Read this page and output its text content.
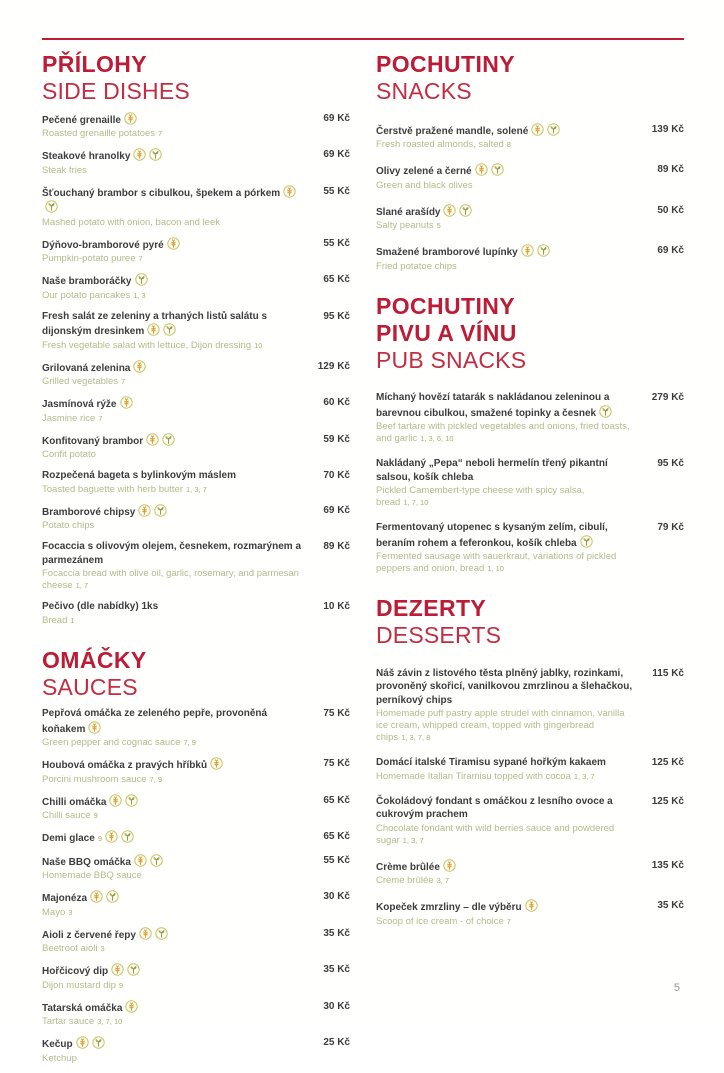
PŘÍLOHY
SIDE DISHES
Pečené grenaille
Roasted grenaille potatoes 7
69 Kč
Steakové hranolky
Steak fries
69 Kč
Šťouchaný brambor s cibulkou, špekem a pórkem
Mashed potato with onion, bacon and leek
55 Kč
Dýňovo-bramborové pyré
Pumpkin-potato puree 7
55 Kč
Naše bramboráčky
Our potato pancakes 1, 3
65 Kč
Fresh salát ze zeleniny a trhaných listů salátu s dijonským dresinkem
Fresh vegetable salad with lettuce, Dijon dressing 10
95 Kč
Grilovaná zelenina
Grilled vegetables 7
129 Kč
Jasmínová rýže
Jasmine rice 7
60 Kč
Konfitovaný brambor
Confit potato
59 Kč
Rozpečená bageta s bylinkovým máslem
Toasted baguette with herb butter 1, 3, 7
70 Kč
Bramborové chipsy
Potato chips
69 Kč
Focaccia s olivovým olejem, česnekem, rozmarýnem a parmezánem
Focaccia bread with olive oil, garlic, rosemary, and parmesan cheese 1, 7
89 Kč
Pečivo (dle nabídky) 1ks
Bread 1
10 Kč
OMÁČKY
SAUCES
Pepřová omáčka ze zeleného pepře, provoněná koňakem
Green pepper and cognac sauce 7, 9
75 Kč
Houbová omáčka z pravých hříbků
Porcini mushroom sauce 7, 9
75 Kč
Chilli omáčka
Chilli sauce 9
65 Kč
Demi glace 9	65 Kč
Naše BBQ omáčka
Homemade BBQ sauce
55 Kč
Majonéza
Mayo 3
30 Kč
Aioli z červené řepy
Beetroot aioli 3
35 Kč
Hořčicový dip
Dijon mustard dip 9
35 Kč
Tatarská omáčka
Tartar sauce 3, 7, 10
30 Kč
Kečup
Ketchup
25 Kč
POCHUTINY
SNACKS
Čerstvě pražené mandle, solené
Fresh roasted almonds, salted 8
139 Kč
Olivy zelené a černé
Green and black olives
89 Kč
Slané arašídy
Salty peanuts 5
50 Kč
Smažené bramborové lupínky
Fried potatoe chips
69 Kč
POCHUTINY
PIVU A VÍNU
PUB SNACKS
Míchaný hovězí tatarák s nakládanou zeleninou a barevnou cibulkou, smažené topinky a česnek
Beef tartare with pickled vegetables and onions, fried toasts, and garlic 1, 3, 6, 10
279 Kč
Nakládaný „Pepa“ neboli hermelín třený pikantní salsou, košík chleba
Pickled Camembert-type cheese with spicy salsa, bread 1, 7, 10
95 Kč
Fermentovaný utopenec s kysaným zelím, cibulí, beraním rohem a feferonkou, košík chleba
Fermented sausage with sauerkraut, variations of pickled peppers and onion, bread 1, 10
79 Kč
DEZERTY
DESSERTS
Náš závin z listového těsta plněný jablky, rozinkami, provoněný skořicí, vanilkovou zmrzlinou a šlehačkou, perníkový chips
Homemade puff pastry apple strudel with cinnamon, vanilla ice cream, whipped cream, topped with gingerbread chips 1, 3, 7, 8
115 Kč
Domácí italské Tiramisu sypané hořkým kakaem
Homemade Italian Tiramisu topped with cocoa 1, 3, 7
125 Kč
Čokoládový fondant s omáčkou z lesního ovoce a cukrovým prachem
Chocolate fondant with wild berries sauce and powdered sugar 1, 3, 7
125 Kč
Crème brûlée
Crème brûlée 3, 7
135 Kč
Kopeček zmrzliny – dle výběru
Scoop of ice cream - of choice 7
35 Kč
5
